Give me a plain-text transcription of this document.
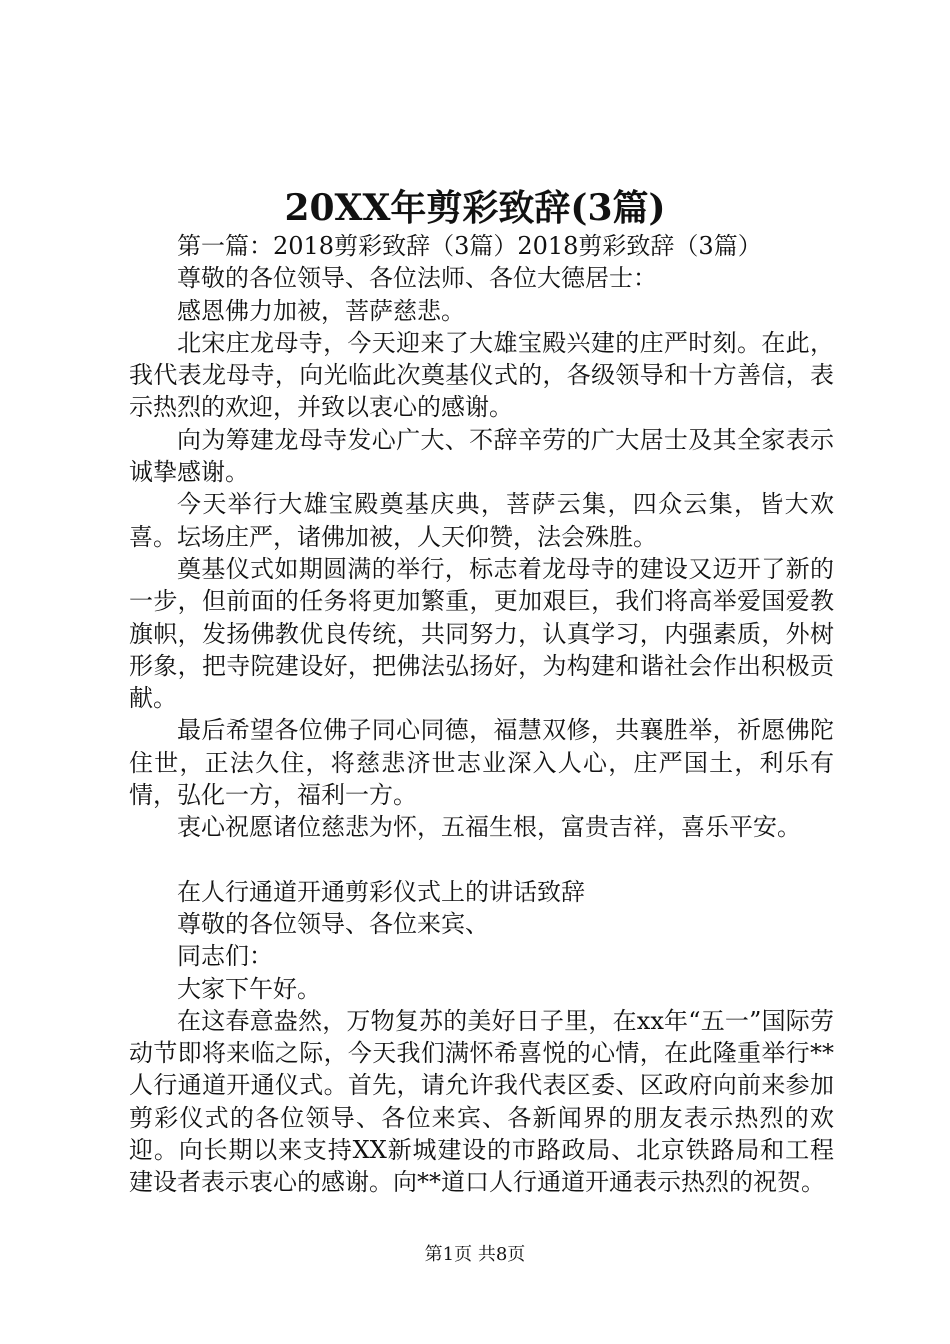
20XX年剪彩致辞(3篇)

第一篇：2018剪彩致辞（3篇）2018剪彩致辞（3篇）

尊敬的各位领导、各位法师、各位大德居士：

感恩佛力加被，菩萨慈悲。

北宋庄龙母寺，今天迎来了大雄宝殿兴建的庄严时刻。在此，我代表龙母寺，向光临此次奠基仪式的，各级领导和十方善信，表示热烈的欢迎，并致以衷心的感谢。

向为筹建龙母寺发心广大、不辞辛劳的广大居士及其全家表示诚挚感谢。

今天举行大雄宝殿奠基庆典，菩萨云集，四众云集，皆大欢喜。坛场庄严，诸佛加被，人天仰赞，法会殊胜。

奠基仪式如期圆满的举行，标志着龙母寺的建设又迈开了新的一步，但前面的任务将更加繁重，更加艰巨，我们将高举爱国爱教旗帜，发扬佛教优良传统，共同努力，认真学习，内强素质，外树形象，把寺院建设好，把佛法弘扬好，为构建和谐社会作出积极贡献。

最后希望各位佛子同心同德，福慧双修，共襄胜举，祈愿佛陀住世，正法久住，将慈悲济世志业深入人心，庄严国土，利乐有情，弘化一方，福利一方。

衷心祝愿诸位慈悲为怀，五福生根，富贵吉祥，喜乐平安。

在人行通道开通剪彩仪式上的讲话致辞

尊敬的各位领导、各位来宾、

同志们：

大家下午好。

在这春意盎然，万物复苏的美好日子里，在xx年“五一”国际劳动节即将来临之际，今天我们满怀希喜悦的心情，在此隆重举行**人行通道开通仪式。首先，请允许我代表区委、区政府向前来参加剪彩仪式的各位领导、各位来宾、各新闻界的朋友表示热烈的欢迎。向长期以来支持XX新城建设的市路政局、北京铁路局和工程建设者表示衷心的感谢。向**道口人行通道开通表示热烈的祝贺。

第1页 共8页
